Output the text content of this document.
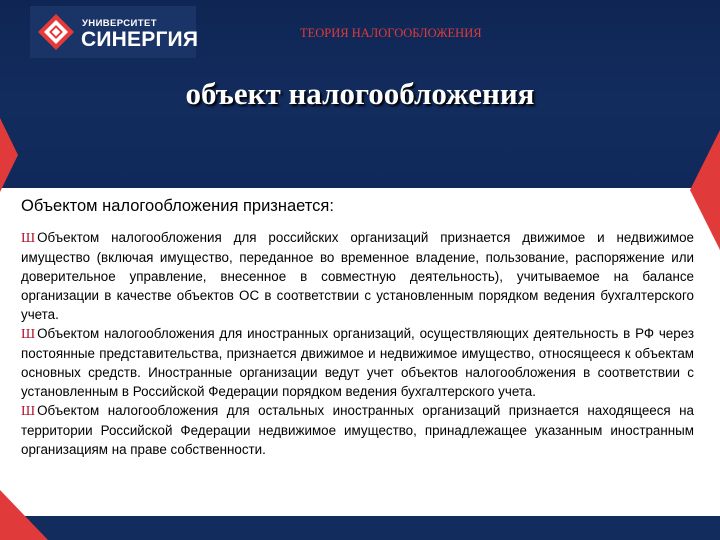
УНИВЕРСИТЕТ
СИНЕРГИЯ	ТЕОРИЯ НАЛОГООБЛОЖЕНИЯ
объект налогообложения

Объектом налогообложения признается:

Ш Объектом налогообложения для российских организаций признается движимое и недвижимое имущество (включая имущество, переданное во временное владение, пользование, распоряжение или доверительное управление, внесенное в совместную деятельность), учитываемое на балансе организации в качестве объектов ОС в соответствии с установленным порядком ведения бухгалтерского учета.

Ш Объектом налогообложения для иностранных организаций, осуществляющих деятельность в РФ через постоянные представительства, признается движимое и недвижимое имущество, относящееся к объектам основных средств. Иностранные организации ведут учет объектов налогообложения в соответствии с установленным в Российской Федерации порядком ведения бухгалтерского учета.

Ш Объектом налогообложения для остальных иностранных организаций признается находящееся на территории Российской Федерации недвижимое имущество, принадлежащее указанным иностранным организациям на праве собственности.
